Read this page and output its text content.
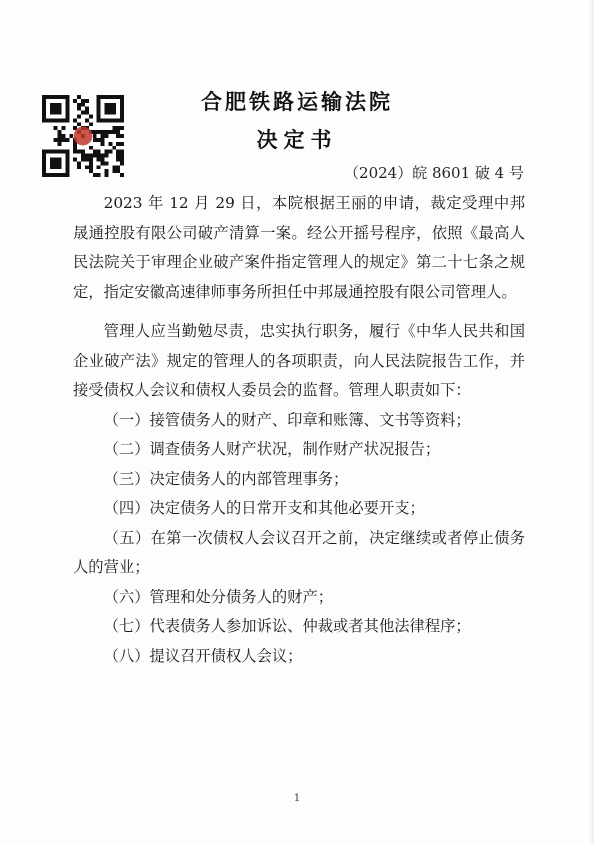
合肥铁路运输法院
决定书
（2024）皖 8601 破 4 号

2023 年 12 月 29 日，本院根据王丽的申请，裁定受理中邦晟通控股有限公司破产清算一案。经公开摇号程序，依照《最高人民法院关于审理企业破产案件指定管理人的规定》第二十七条之规定，指定安徽高速律师事务所担任中邦晟通控股有限公司管理人。

管理人应当勤勉尽责，忠实执行职务，履行《中华人民共和国企业破产法》规定的管理人的各项职责，向人民法院报告工作，并接受债权人会议和债权人委员会的监督。管理人职责如下：

（一）接管债务人的财产、印章和账簿、文书等资料；

（二）调查债务人财产状况，制作财产状况报告；

（三）决定债务人的内部管理事务；

（四）决定债务人的日常开支和其他必要开支；

（五）在第一次债权人会议召开之前，决定继续或者停止债务人的营业；

（六）管理和处分债务人的财产；

（七）代表债务人参加诉讼、仲裁或者其他法律程序；

（八）提议召开债权人会议；

1
